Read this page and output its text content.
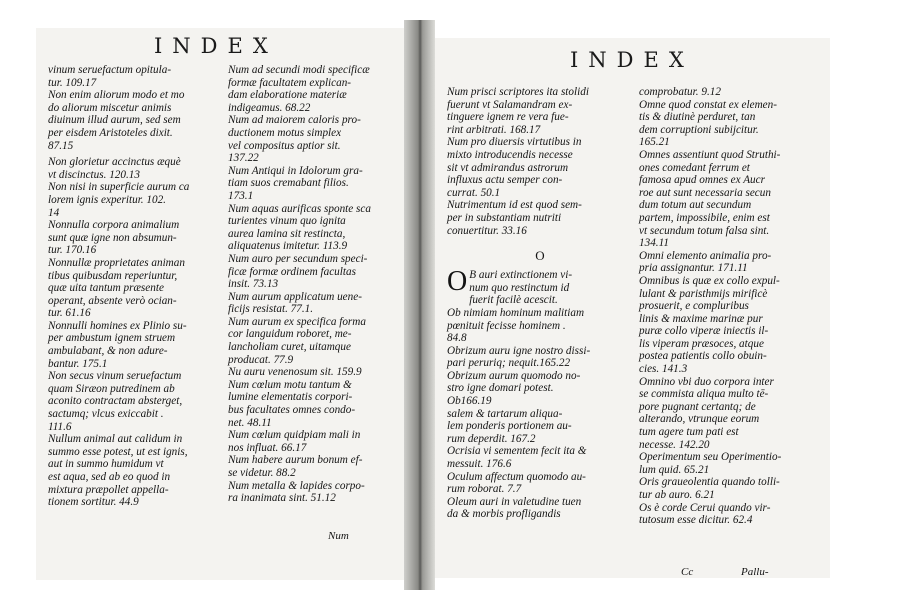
INDEX
vinum seruefactum opitula-
tur. 109.17
Non enim aliorum modo et mo
do aliorum miscetur animis
diuinum illud aurum, sed sem
per eisdem Aristoteles dixit.
87.15
Non glorietur accinctus æquè
vt discinctus. 120.13
Non nisi in superficie aurum ca
lorem ignis experitur. 102.
14
Nonnulla corpora animalium
sunt quæ igne non absumun-
tur. 170.16
Nonnullæ proprietates animan
tibus quibusdam reperiuntur,
quæ uita tantum præsente
operant, absente verò ocian-
tur. 61.16
Nonnulli homines ex Plinio su-
per ambustum ignem struem
ambulabant, & non adure-
bantur. 175.1
Non secus vinum seruefactum
quam Siræon putredinem ab
aconito contractam absterget,
sactumq; vlcus exiccabit .
111.6
Nullum animal aut calidum in
summo esse potest, ut est ignis,
aut in summo humidum vt
est aqua, sed ab eo quod in
mixtura præpollet appella-
tionem sortitur. 44.9
Num ad secundi modi specificæ
formæ facultatem explican-
dam elaboratione materiæ
indigeamus. 68.22
Num ad maiorem caloris pro-
ductionem motus simplex
vel compositus aptior sit.
137.22
Num Antiqui in Idolorum gra-
tiam suos cremabant filios.
173.1
Num aquas aurificas sponte sca
turientes vinum quo ignita
aurea lamina sit restincta,
aliquatenus imitetur. 113.9
Num auro per secundum speci-
ficæ formæ ordinem facultas
insit. 73.13
Num aurum applicatum uene-
ficijs resistat. 77.1.
Num aurum ex specifica forma
cor languidum roboret, me-
lancholiam curet, uitamque
producat. 77.9
Nu auru venenosum sit. 159.9
Num cœlum motu tantum &
lumine elementatis corpori-
bus facultates omnes condo-
net. 48.11
Num cœlum quidpiam mali in
nos influat. 66.17
Num habere aurum bonum ef-
se videtur. 88.2
Num metalla & lapides corpo-
ra inanimata sint. 51.12
Num
INDEX
Num prisci scriptores ita stolidi
fuerunt vt Salamandram ex-
tinguere ignem re vera fue-
rint arbitrati. 168.17
Num pro diuersis virtutibus in
mixto introducendis necesse
sit vt admirandus astrorum
influxus actu semper con-
currat. 50.1
Nutrimentum id est quod sem-
per in substantiam nutriti
conuertitur. 33.16
O
O B auri extinctionem vi-
num quo restinctum id
fuerit facilè acescit.
Ob nimiam hominum malitiam
pœnituit fecisse hominem .
84.8
Obrizum auru igne nostro dissi-
pari peruriq; nequit.165.22
Obrizum aurum quomodo no-
stro igne domari potest.
Ob166.19
salem & tartarum aliqua-
lem ponderis portionem au-
rum deperdit. 167.2
Ocrisia vi sementem fecit ita &
messuit. 176.6
Oculum affectum quomodo au-
rum roborat. 7.7
Oleum auri in valetudine tuen
da & morbis profligandis
comprobatur. 9.12
Omne quod constat ex elemen-
tis & diutinè perduret, tan
dem corruptioni subijcitur.
165.21
Omnes assentiunt quod Struthi-
ones comedant ferrum et
famosa apud omnes ex Aucr
roe aut sunt necessaria secun
dum totum aut secundum
partem, impossibile, enim est
vt secundum totum falsa sint.
134.11
Omni elemento animalia pro-
pria assignantur. 171.11
Omnibus is quæ ex collo expul-
lulant & paristhmijs mirificè
prosuerit, e compluribus
linis & maxime marinæ pur
puræ collo viperæ iniectis il-
lis viperam præsoces, atque
postea patientis collo obuin-
cies. 141.3
Omnino vbi duo corpora inter
se commista aliqua multo tē-
pore pugnant certantq; de
alterando, vtrunque eorum
tum agere tum pati est
necesse. 142.20
Operimentum seu Operimentio-
lum quid. 65.21
Oris graueolentia quando tolli-
tur ab auro. 6.21
Os è corde Cerui quando vir-
tutosum esse dicitur. 62.4
Cc	Pallu-
